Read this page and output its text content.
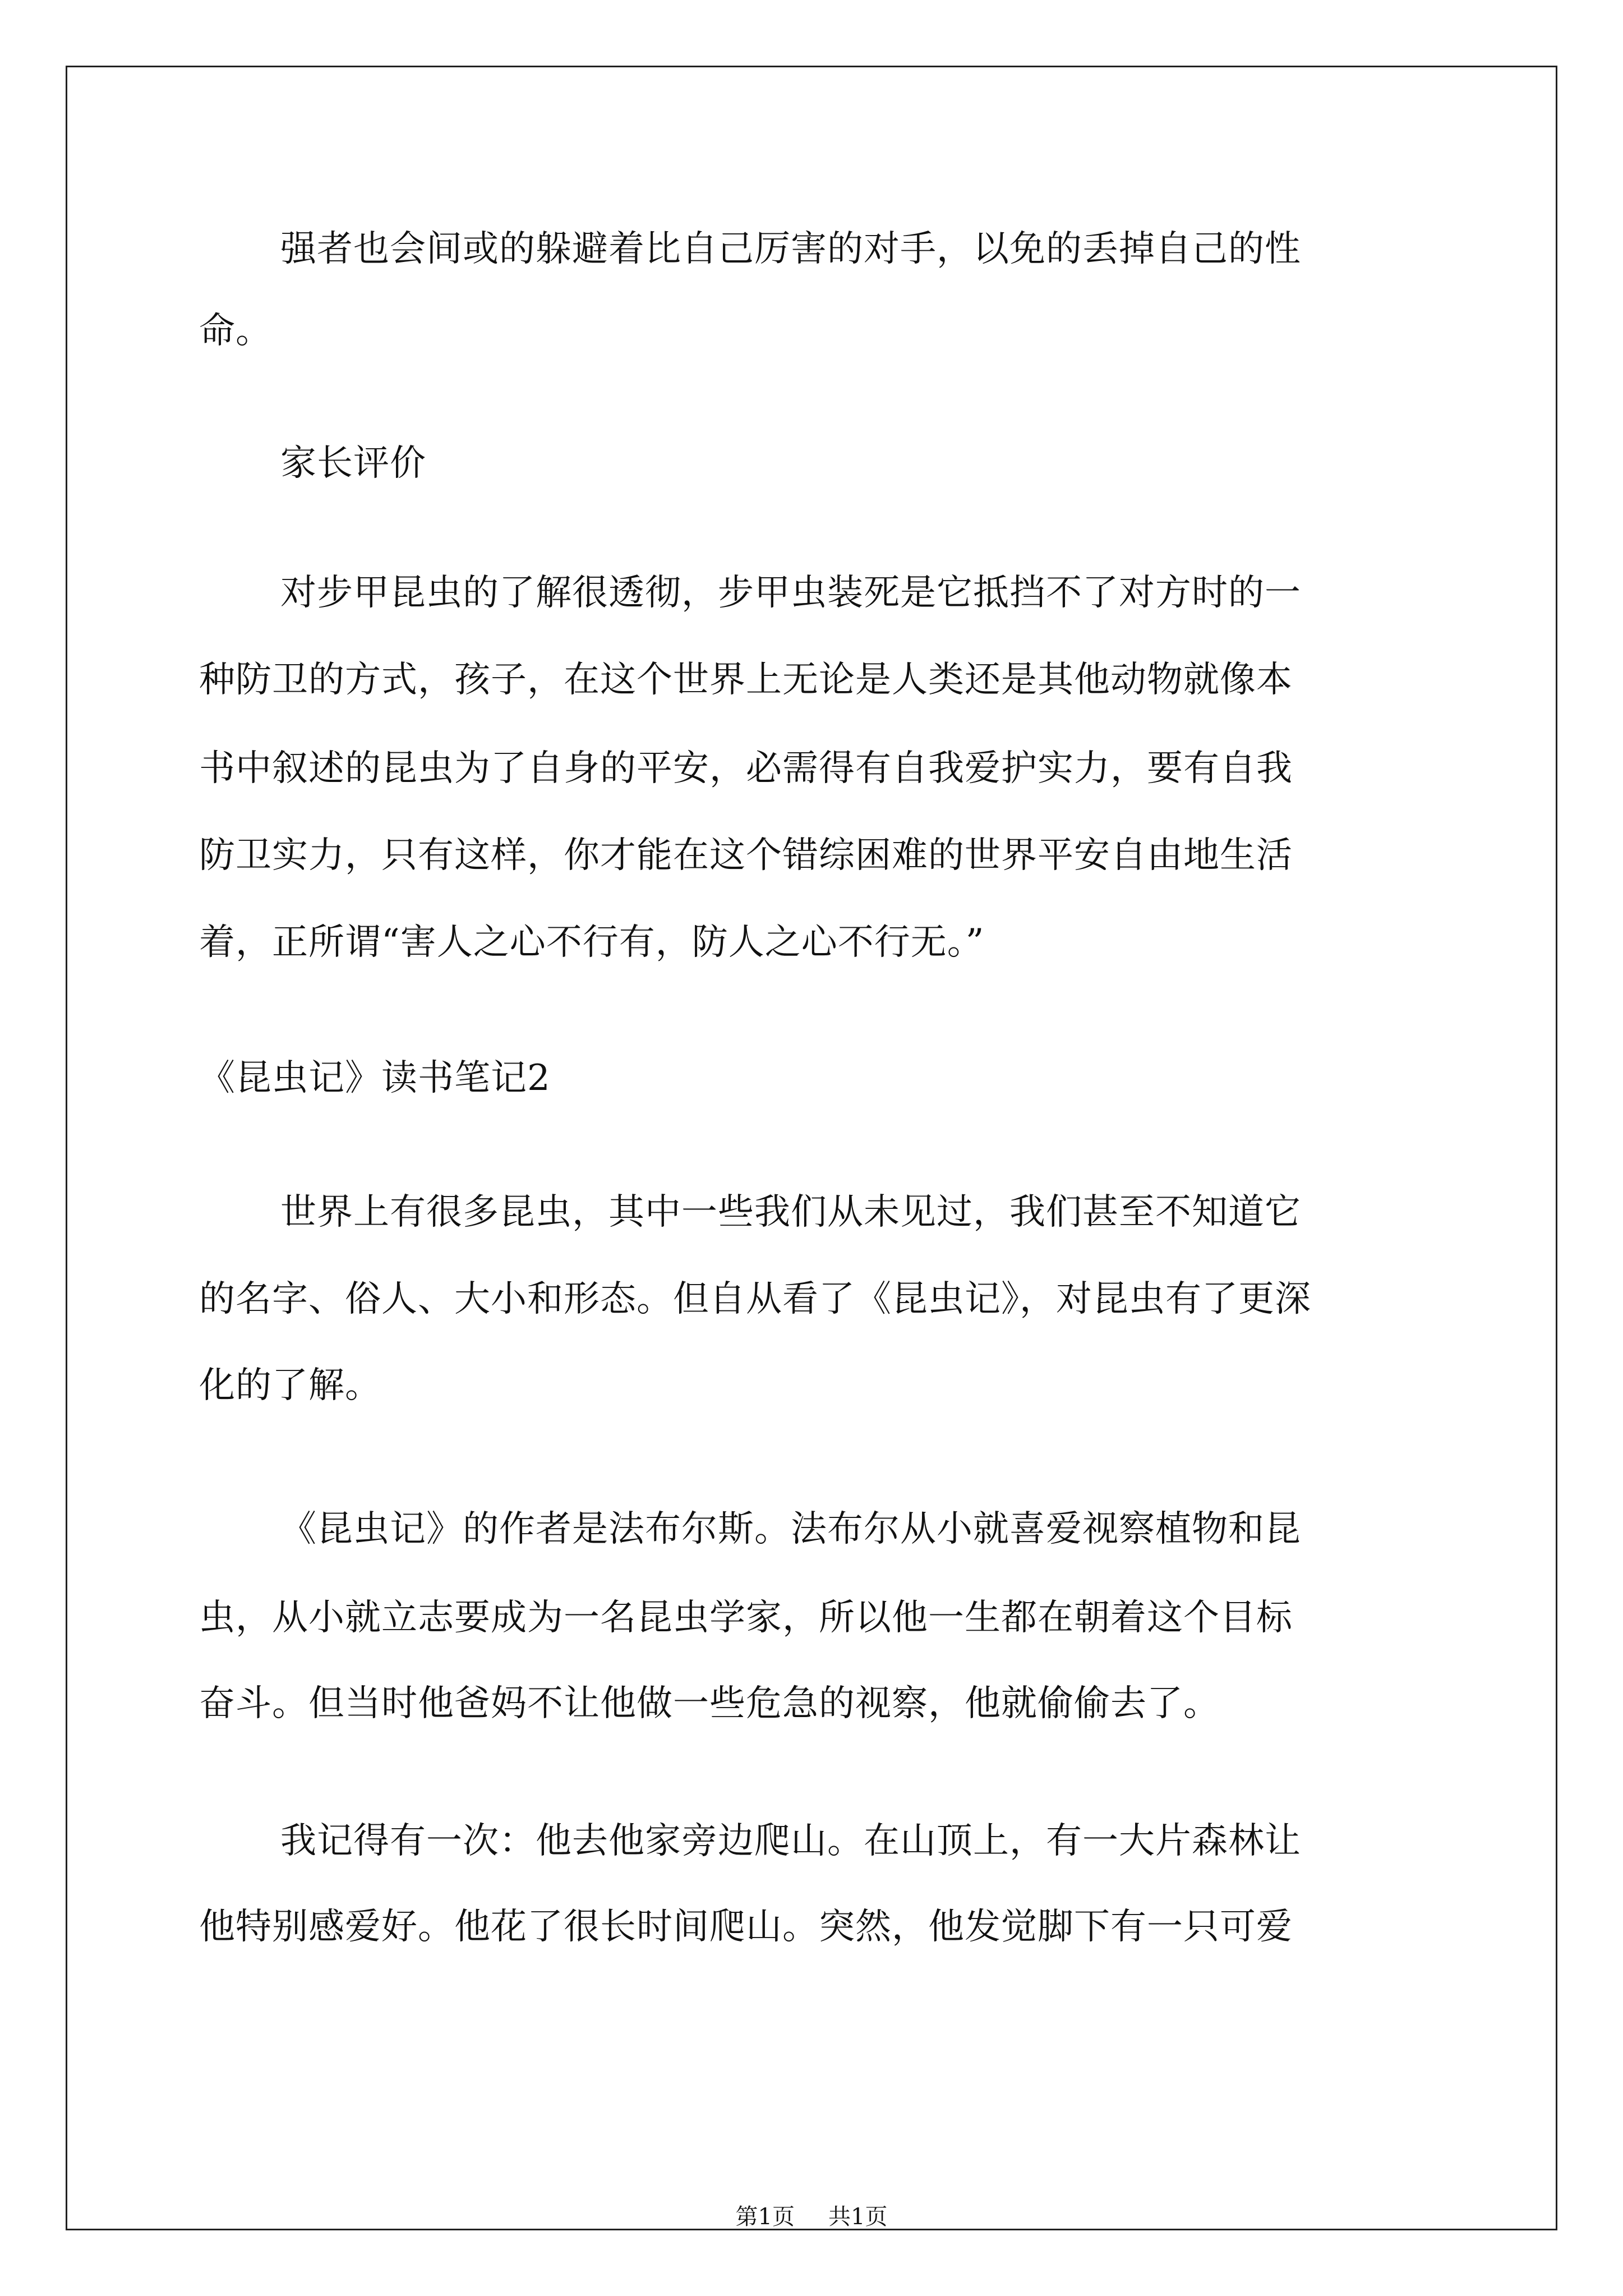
强者也会间或的躲避着比自己厉害的对手，以免的丢掉自己的性
命。
家长评价
对步甲昆虫的了解很透彻，步甲虫装死是它抵挡不了对方时的一
种防卫的方式，孩子，在这个世界上无论是人类还是其他动物就像本
书中叙述的昆虫为了自身的平安，必需得有自我爱护实力，要有自我
防卫实力，只有这样，你才能在这个错综困难的世界平安自由地生活
着，正所谓“害人之心不行有，防人之心不行无。”
《昆虫记》读书笔记2
世界上有很多昆虫，其中一些我们从未见过，我们甚至不知道它
的名字、俗人、大小和形态。但自从看了《昆虫记》，对昆虫有了更深
化的了解。
《昆虫记》的作者是法布尔斯。法布尔从小就喜爱视察植物和昆
虫，从小就立志要成为一名昆虫学家，所以他一生都在朝着这个目标
奋斗。但当时他爸妈不让他做一些危急的视察，他就偷偷去了。
我记得有一次：他去他家旁边爬山。在山顶上，有一大片森林让
他特别感爱好。他花了很长时间爬山。突然，他发觉脚下有一只可爱
第1页 共1页
